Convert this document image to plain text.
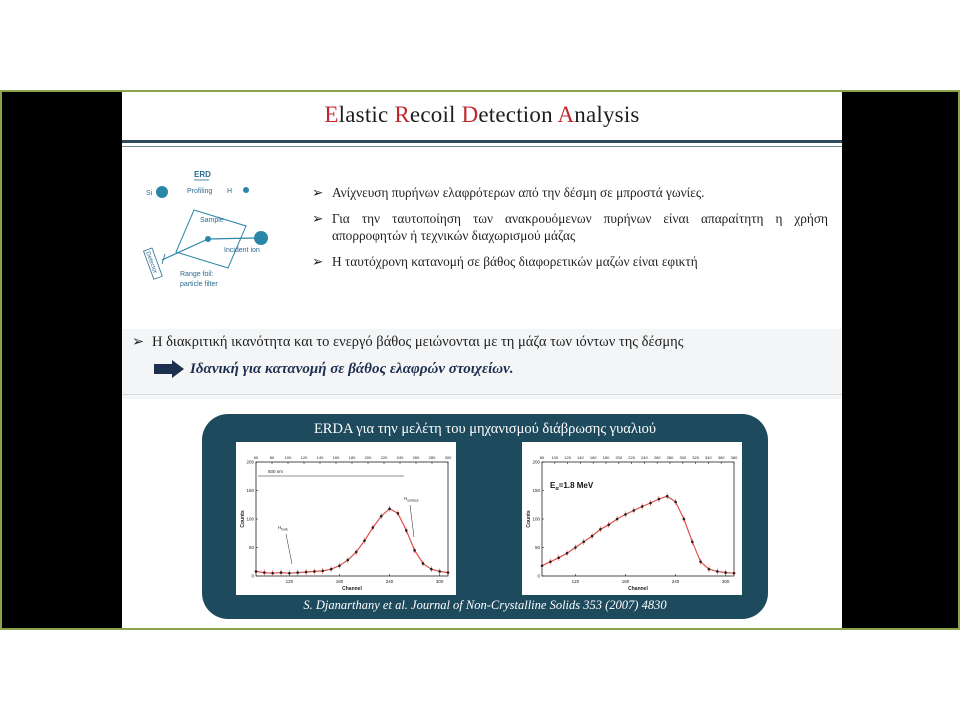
Elastic Recoil Detection Analysis
ERD
Profiling
Si	H
Sample
Incident ion
Detector
Range foil:
particle filter
➢ Ανίχνευση πυρήνων ελαφρότερων από την δέσμη σε μπροστά γωνίες.
➢ Για την ταυτοποίηση των ανακρουόμενων πυρήνων είναι απαραίτητη η χρήση απορροφητών ή τεχνικών διαχωρισμού μάζας
➢ Η ταυτόχρονη κατανομή σε βάθος διαφορετικών μαζών είναι εφικτή
➢ Η διακριτική ικανότητα και το ενεργό βάθος μειώνονται με τη μάζα των ιόντων της δέσμης
Ιδανική για κατανομή σε βάθος ελαφρών στοιχείων.
ERDA για την μελέτη του μηχανισμού διάβρωσης γυαλιού
60	80	100 120 140 160 180 200 220 240 260 280 300
120	180	240	300
0
50
100
150
200
Channel
Counts
500 nm
$H_{bulk}$
$H_{surface}$
80 100 120 140 160 180 200 220 240 260 280 300 320 340 360 380
120	180	240	300
0
50
100
150
200
Channel
Counts
$E_\alpha=1.8$ MeV
S. Djanarthany et al. Journal of Non-Crystalline Solids 353 (2007) 4830
